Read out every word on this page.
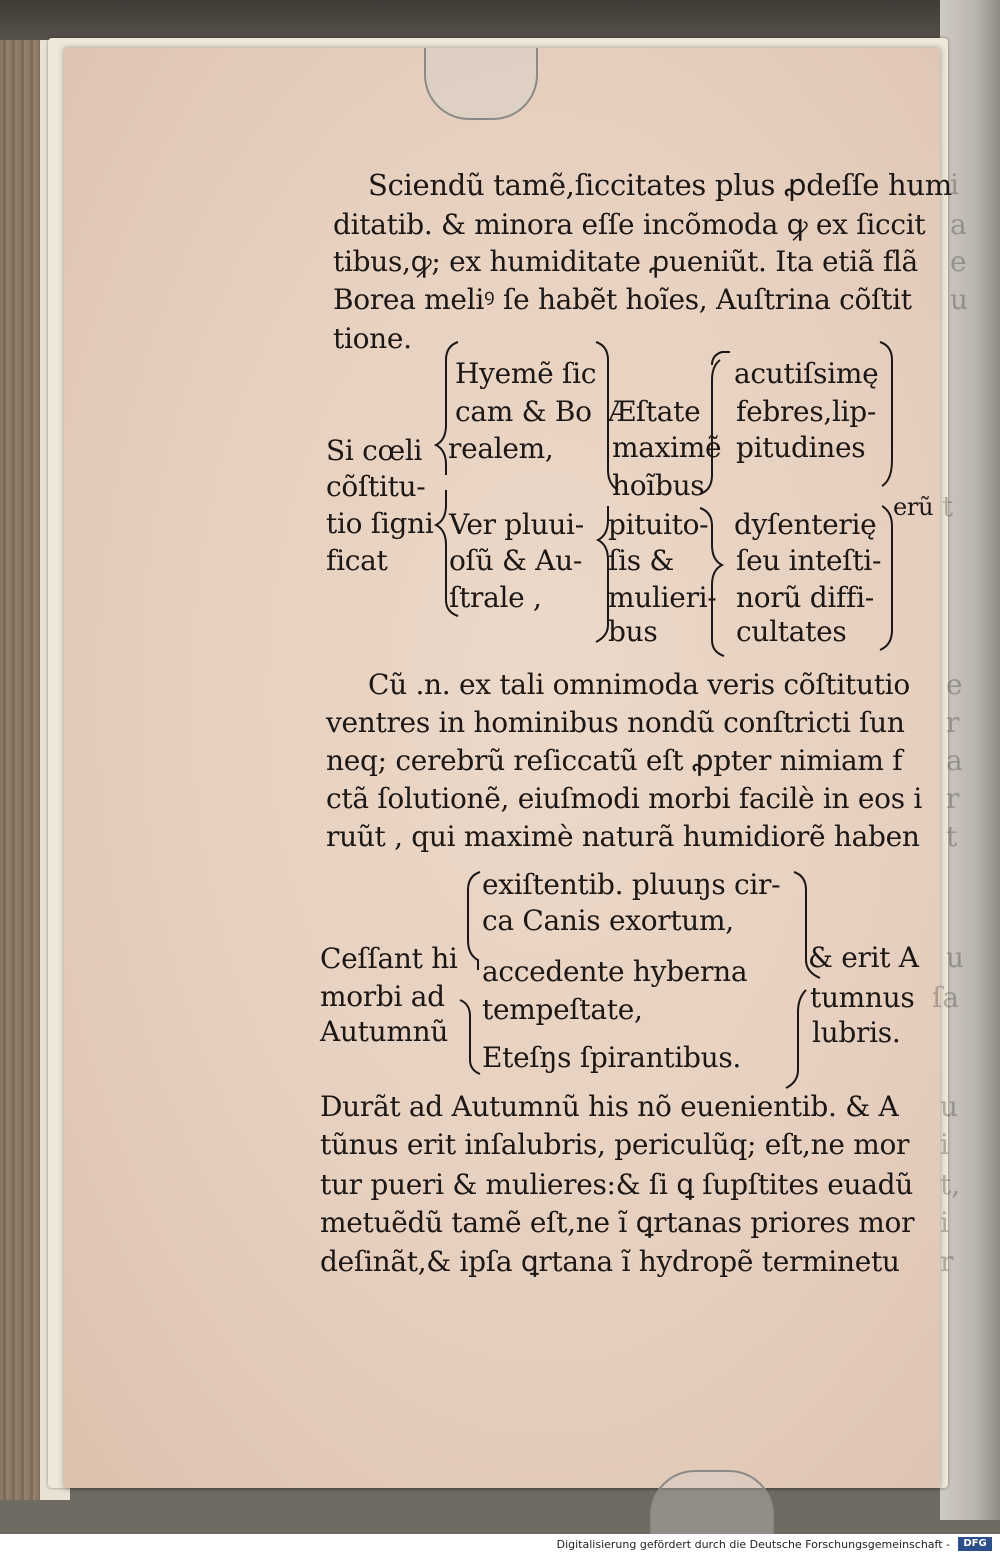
Sciendũ tamẽ,ſiccitates plus ꝓdeſſe hum
ditatib. & minora eſſe incõmoda ꝙ ex ſiccit
tibus,ꝙ; ex humiditate ꝓueniũt. Ita etiã flã
Borea meliꝰ ſe habẽt hoĩes, Auſtrina cõſtit
tione.
i
a
e
u
Si cœli
cõſtitu-
tio ſigni
ficat
Hyemẽ ſic
cam & Bo
realem,
Ver pluui-
oſũ & Au-
ſtrale ,
Æſtate
maximẽ
hoĩbus
pituito-
ſis &
mulieri-
bus
acutiſsimę
febres,lip-
pitudines
dyſenterię
ſeu inteſti-
norũ diffi-
cultates
erũ t
Cũ .n. ex tali omnimoda veris cõſtitutio
ventres in hominibus nondũ conſtricti ſun
neq; cerebrũ reſiccatũ eſt ꝓpter nimiam f
ctã ſolutionẽ, eiuſmodi morbi facilè in eos i
ruũt , qui maximè naturã humidiorẽ haben
e
r
a
r
t
Ceſſant hi
morbi ad
Autumnũ
exiſtentib. pluuŋs cir-
ca Canis exortum,
accedente hyberna
tempeſtate,
Eteſŋs ſpirantibus.
& erit A
tumnus
lubris.
u
ſa
Durãt ad Autumnũ his nõ euenientib. & A
tũnus erit inſalubris, periculũq; eſt,ne mor
tur pueri & mulieres:& ſi ꝗ ſupſtites euadũ
metuẽdũ tamẽ eſt,ne ĩ ꝗrtanas priores mor
deſinãt,& ipſa ꝗrtana ĩ hydropẽ terminetu
u
i
t,
i
r
Digitalisierung gefördert durch die Deutsche Forschungsgemeinschaft -	DFG
